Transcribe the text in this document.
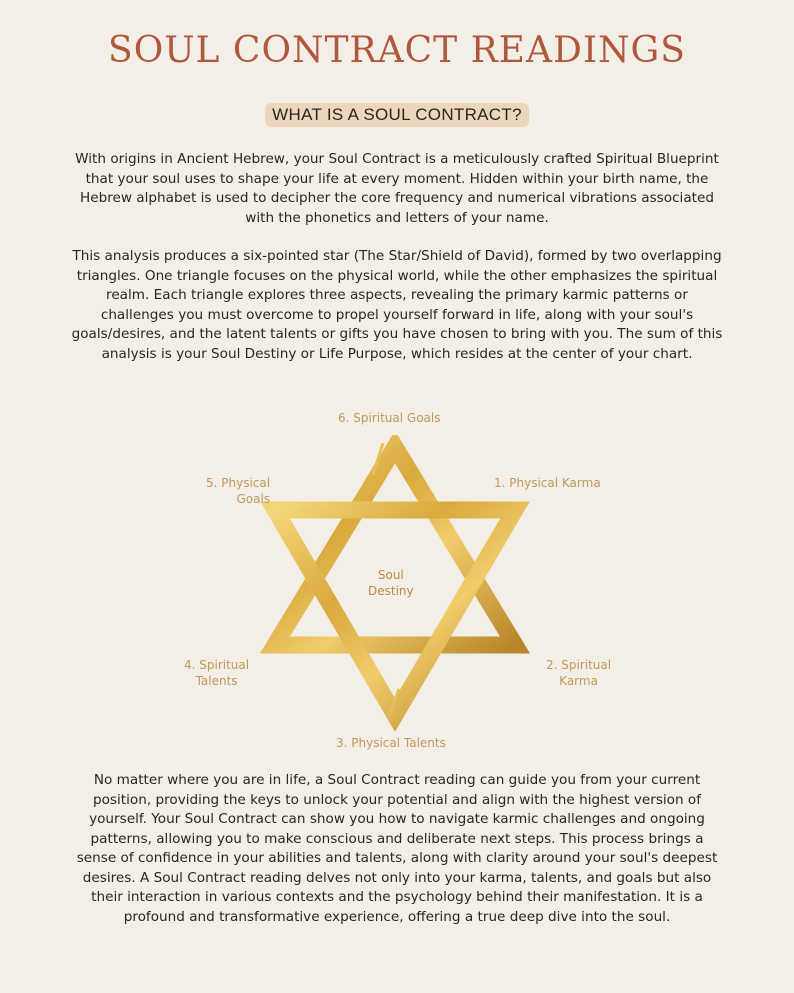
SOUL CONTRACT READINGS
WHAT IS A SOUL CONTRACT?

With origins in Ancient Hebrew, your Soul Contract is a meticulously crafted Spiritual Blueprint that your soul uses to shape your life at every moment. Hidden within your birth name, the Hebrew alphabet is used to decipher the core frequency and numerical vibrations associated with the phonetics and letters of your name.

This analysis produces a six-pointed star (The Star/Shield of David), formed by two overlapping triangles. One triangle focuses on the physical world, while the other emphasizes the spiritual realm. Each triangle explores three aspects, revealing the primary karmic patterns or challenges you must overcome to propel yourself forward in life, along with your soul's goals/desires, and the latent talents or gifts you have chosen to bring with you. The sum of this analysis is your Soul Destiny or Life Purpose, which resides at the center of your chart.

6. Spiritual Goals
1. Physical Karma
5. Physical
Goals
Soul
Destiny
4. Spiritual
Talents
2. Spiritual
Karma
3. Physical Talents

No matter where you are in life, a Soul Contract reading can guide you from your current position, providing the keys to unlock your potential and align with the highest version of yourself. Your Soul Contract can show you how to navigate karmic challenges and ongoing patterns, allowing you to make conscious and deliberate next steps. This process brings a sense of confidence in your abilities and talents, along with clarity around your soul's deepest desires. A Soul Contract reading delves not only into your karma, talents, and goals but also their interaction in various contexts and the psychology behind their manifestation. It is a profound and transformative experience, offering a true deep dive into the soul.
